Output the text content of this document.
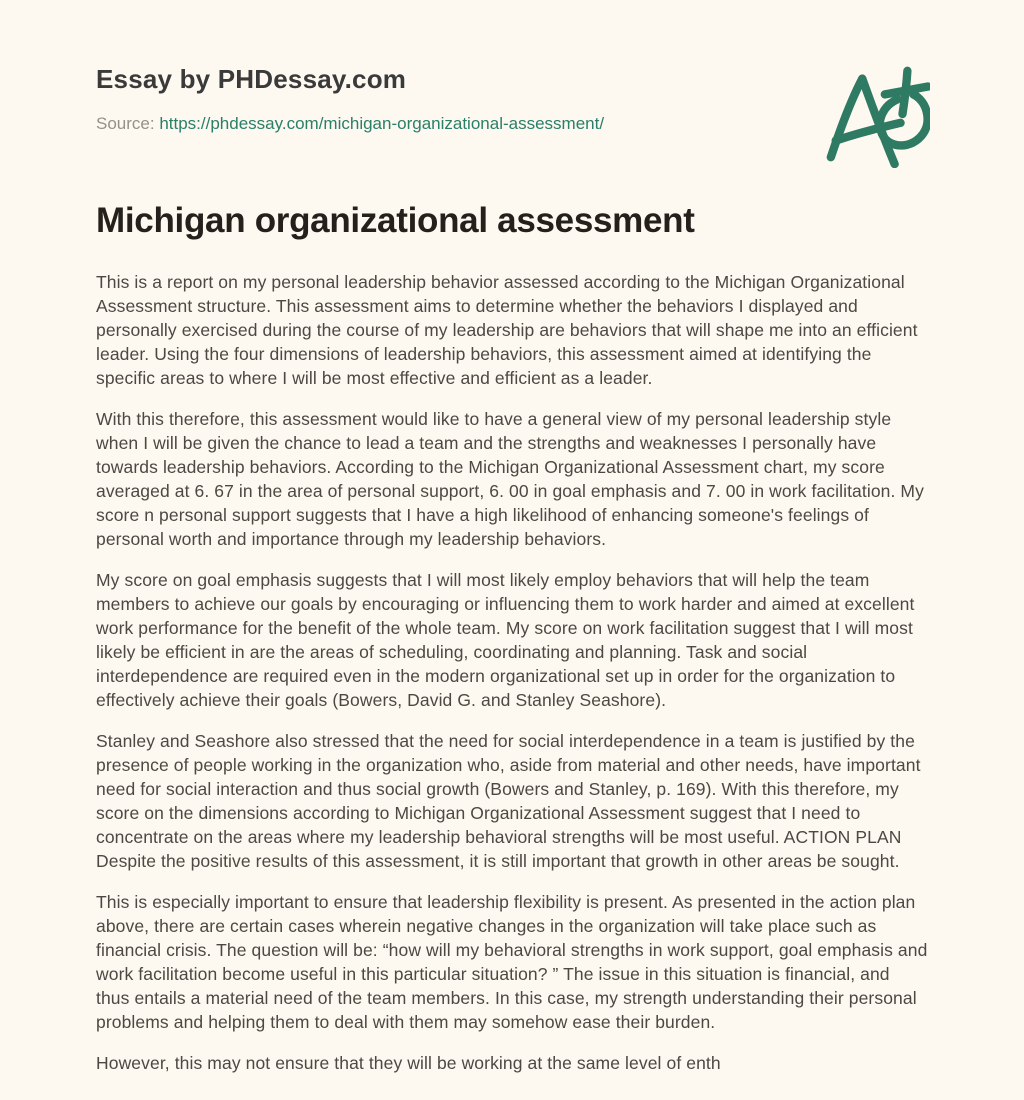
Essay by PHDessay.com
Source: https://phdessay.com/michigan-organizational-assessment/
Michigan organizational assessment

This is a report on my personal leadership behavior assessed according to the Michigan Organizational Assessment structure. This assessment aims to determine whether the behaviors I displayed and personally exercised during the course of my leadership are behaviors that will shape me into an efficient leader. Using the four dimensions of leadership behaviors, this assessment aimed at identifying the specific areas to where I will be most effective and efficient as a leader.

With this therefore, this assessment would like to have a general view of my personal leadership style when I will be given the chance to lead a team and the strengths and weaknesses I personally have towards leadership behaviors. According to the Michigan Organizational Assessment chart, my score averaged at 6. 67 in the area of personal support, 6. 00 in goal emphasis and 7. 00 in work facilitation. My score n personal support suggests that I have a high likelihood of enhancing someone's feelings of personal worth and importance through my leadership behaviors.

My score on goal emphasis suggests that I will most likely employ behaviors that will help the team members to achieve our goals by encouraging or influencing them to work harder and aimed at excellent work performance for the benefit of the whole team. My score on work facilitation suggest that I will most likely be efficient in are the areas of scheduling, coordinating and planning. Task and social interdependence are required even in the modern organizational set up in order for the organization to effectively achieve their goals (Bowers, David G. and Stanley Seashore).

Stanley and Seashore also stressed that the need for social interdependence in a team is justified by the presence of people working in the organization who, aside from material and other needs, have important need for social interaction and thus social growth (Bowers and Stanley, p. 169). With this therefore, my score on the dimensions according to Michigan Organizational Assessment suggest that I need to concentrate on the areas where my leadership behavioral strengths will be most useful. ACTION PLAN Despite the positive results of this assessment, it is still important that growth in other areas be sought.

This is especially important to ensure that leadership flexibility is present. As presented in the action plan above, there are certain cases wherein negative changes in the organization will take place such as financial crisis. The question will be: “how will my behavioral strengths in work support, goal emphasis and work facilitation become useful in this particular situation? ” The issue in this situation is financial, and thus entails a material need of the team members. In this case, my strength understanding their personal problems and helping them to deal with them may somehow ease their burden.

However, this may not ensure that they will be working at the same level of enth
